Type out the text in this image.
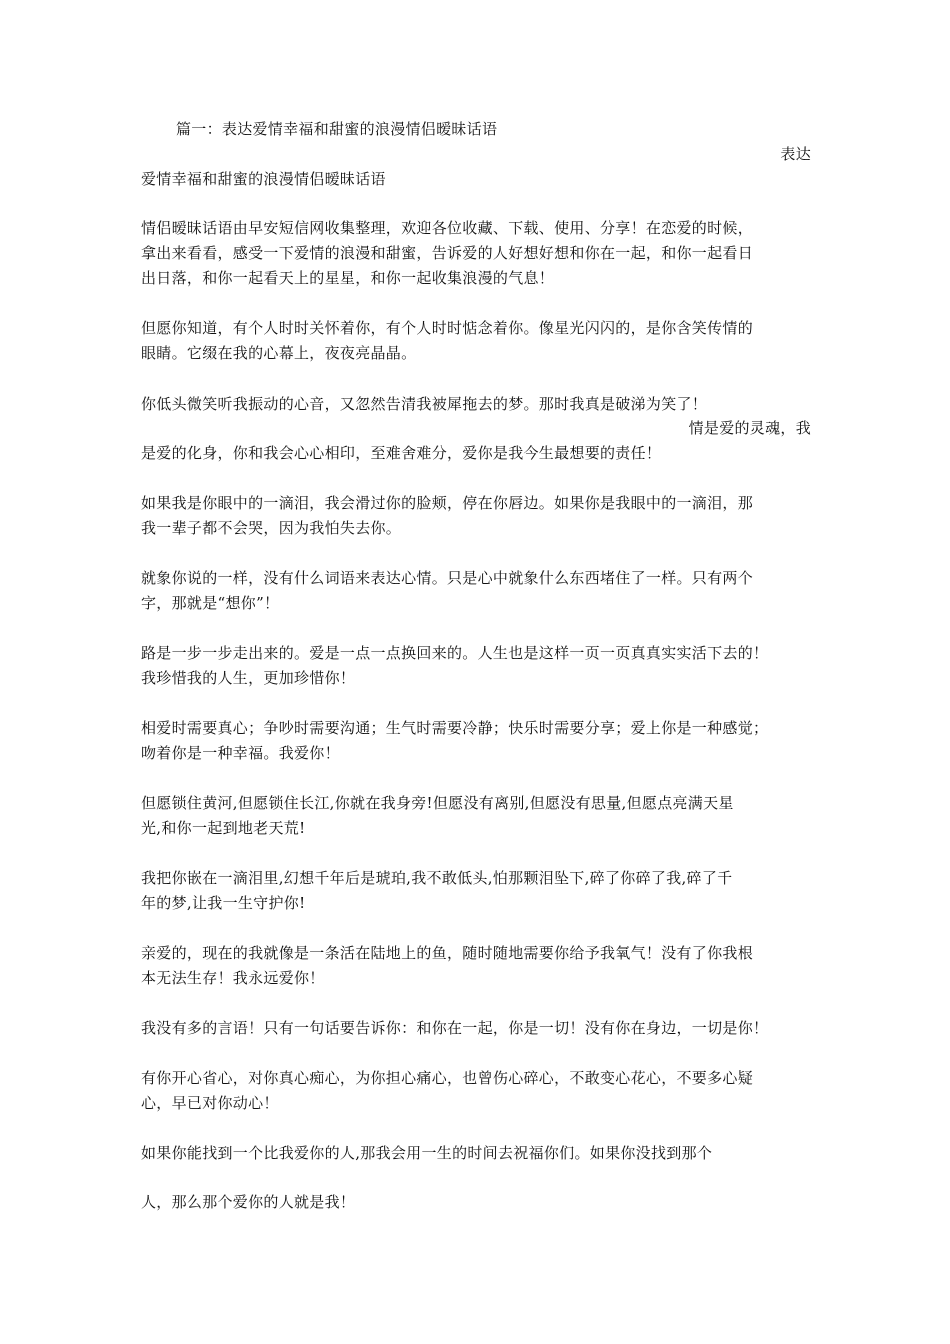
篇一：表达爱情幸福和甜蜜的浪漫情侣暧昧话语
表达
爱情幸福和甜蜜的浪漫情侣暧昧话语
情侣暧昧话语由早安短信网收集整理，欢迎各位收藏、下载、使用、分享！在恋爱的时候，
拿出来看看，感受一下爱情的浪漫和甜蜜，告诉爱的人好想好想和你在一起，和你一起看日
出日落，和你一起看天上的星星，和你一起收集浪漫的气息！
但愿你知道，有个人时时关怀着你，有个人时时惦念着你。像星光闪闪的，是你含笑传情的
眼睛。它缀在我的心幕上，夜夜亮晶晶。
你低头微笑听我振动的心音，又忽然告清我被犀拖去的梦。那时我真是破涕为笑了！
情是爱的灵魂，我
是爱的化身，你和我会心心相印，至难舍难分，爱你是我今生最想要的责任！
如果我是你眼中的一滴泪，我会滑过你的脸颊，停在你唇边。如果你是我眼中的一滴泪，那
我一辈子都不会哭，因为我怕失去你。
就象你说的一样，没有什么词语来表达心情。只是心中就象什么东西堵住了一样。只有两个
字，那就是“想你”！
路是一步一步走出来的。爱是一点一点换回来的。人生也是这样一页一页真真实实活下去的！
我珍惜我的人生，更加珍惜你！
相爱时需要真心；争吵时需要沟通；生气时需要冷静；快乐时需要分享；爱上你是一种感觉；
吻着你是一种幸福。我爱你！
但愿锁住黄河,但愿锁住长江,你就在我身旁!但愿没有离别,但愿没有思量,但愿点亮满天星
光,和你一起到地老天荒!
我把你嵌在一滴泪里,幻想千年后是琥珀,我不敢低头,怕那颗泪坠下,碎了你碎了我,碎了千
年的梦,让我一生守护你!
亲爱的，现在的我就像是一条活在陆地上的鱼，随时随地需要你给予我氧气！没有了你我根
本无法生存！我永远爱你！
我没有多的言语！只有一句话要告诉你：和你在一起，你是一切！没有你在身边，一切是你！
有你开心省心，对你真心痴心，为你担心痛心，也曾伤心碎心，不敢变心花心，不要多心疑
心，早已对你动心！
如果你能找到一个比我爱你的人,那我会用一生的时间去祝福你们。如果你没找到那个
人，那么那个爱你的人就是我！
